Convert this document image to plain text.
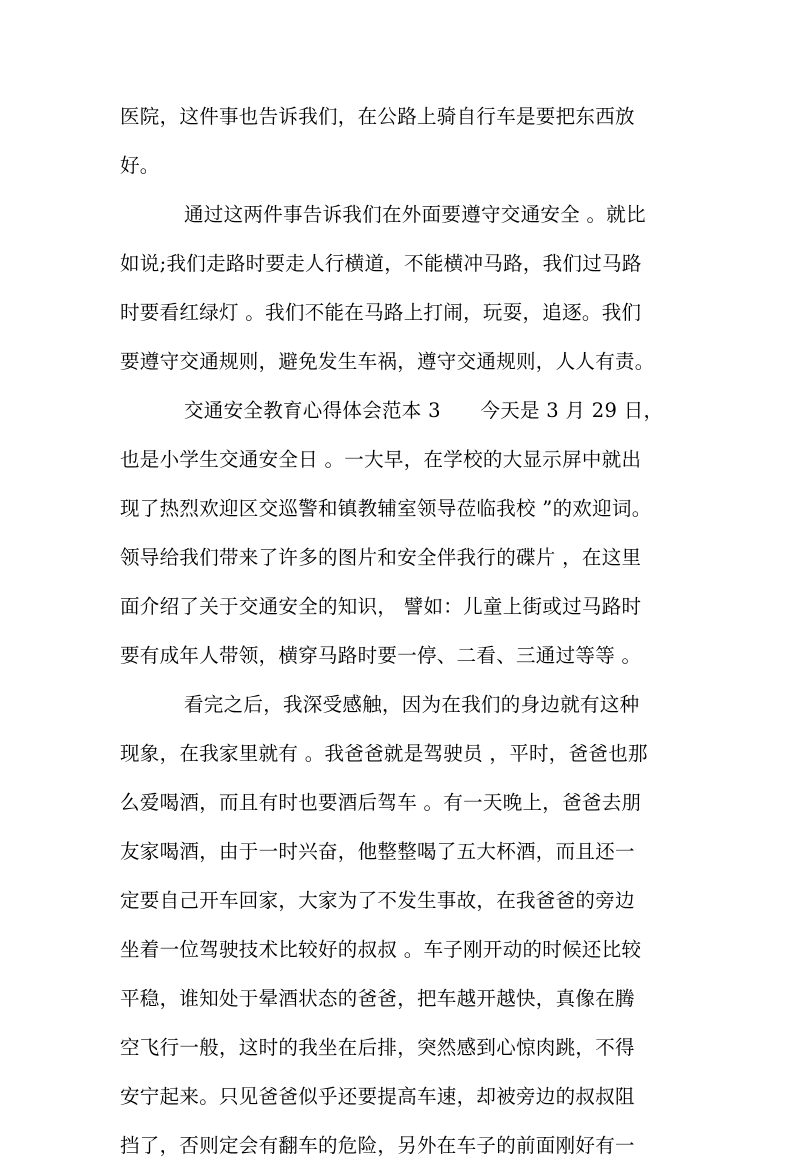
医院，这件事也告诉我们，在公路上骑自行车是要把东西放
好。
通过这两件事告诉我们在外面要遵守交通安全 。就比
如说;我们走路时要走人行横道，不能横冲马路，我们过马路
时要看红绿灯 。我们不能在马路上打闹，玩耍，追逐。我们
要遵守交通规则，避免发生车祸，遵守交通规则，人人有责。
交通安全教育心得体会范本 3　　今天是 3 月 29 日，
也是小学生交通安全日 。一大早，在学校的大显示屏中就出
现了热烈欢迎区交巡警和镇教辅室领导莅临我校 ”的欢迎词。
领导给我们带来了许多的图片和安全伴我行的碟片 ，在这里
面介绍了关于交通安全的知识， 譬如：儿童上街或过马路时
要有成年人带领，横穿马路时要一停、二看、三通过等等 。
看完之后，我深受感触，因为在我们的身边就有这种
现象，在我家里就有 。我爸爸就是驾驶员 ，平时，爸爸也那
么爱喝酒，而且有时也要酒后驾车 。有一天晚上，爸爸去朋
友家喝酒，由于一时兴奋，他整整喝了五大杯酒，而且还一
定要自己开车回家，大家为了不发生事故，在我爸爸的旁边
坐着一位驾驶技术比较好的叔叔 。车子刚开动的时候还比较
平稳，谁知处于晕酒状态的爸爸，把车越开越快，真像在腾
空飞行一般，这时的我坐在后排，突然感到心惊肉跳，不得
安宁起来。只见爸爸似乎还要提高车速，却被旁边的叔叔阻
挡了，否则定会有翻车的危险，另外在车子的前面刚好有一
